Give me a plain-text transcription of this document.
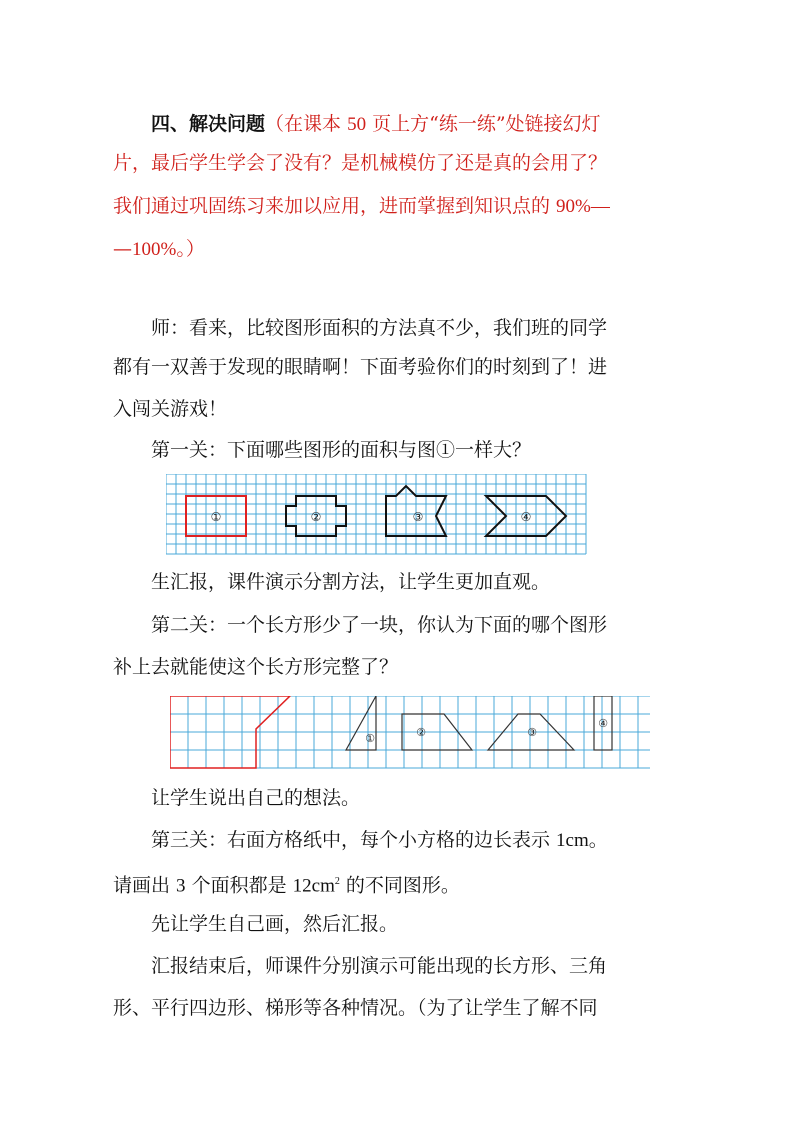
四、解决问题（在课本 50 页上方“练一练”处链接幻灯

片，最后学生学会了没有？是机械模仿了还是真的会用了？

我们通过巩固练习来加以应用，进而掌握到知识点的 90%—

—100%。）

师：看来，比较图形面积的方法真不少，我们班的同学

都有一双善于发现的眼睛啊！下面考验你们的时刻到了！进

入闯关游戏！

第一关：下面哪些图形的面积与图①一样大？

①	②	③	④

生汇报，课件演示分割方法，让学生更加直观。

第二关：一个长方形少了一块，你认为下面的哪个图形

补上去就能使这个长方形完整了？

①	②	③
④

让学生说出自己的想法。

第三关：右面方格纸中，每个小方格的边长表示 1cm。

请画出 3 个面积都是 $12cm^2$ 的不同图形。

先让学生自己画，然后汇报。

汇报结束后，师课件分别演示可能出现的长方形、三角

形、平行四边形、梯形等各种情况。（为了让学生了解不同
